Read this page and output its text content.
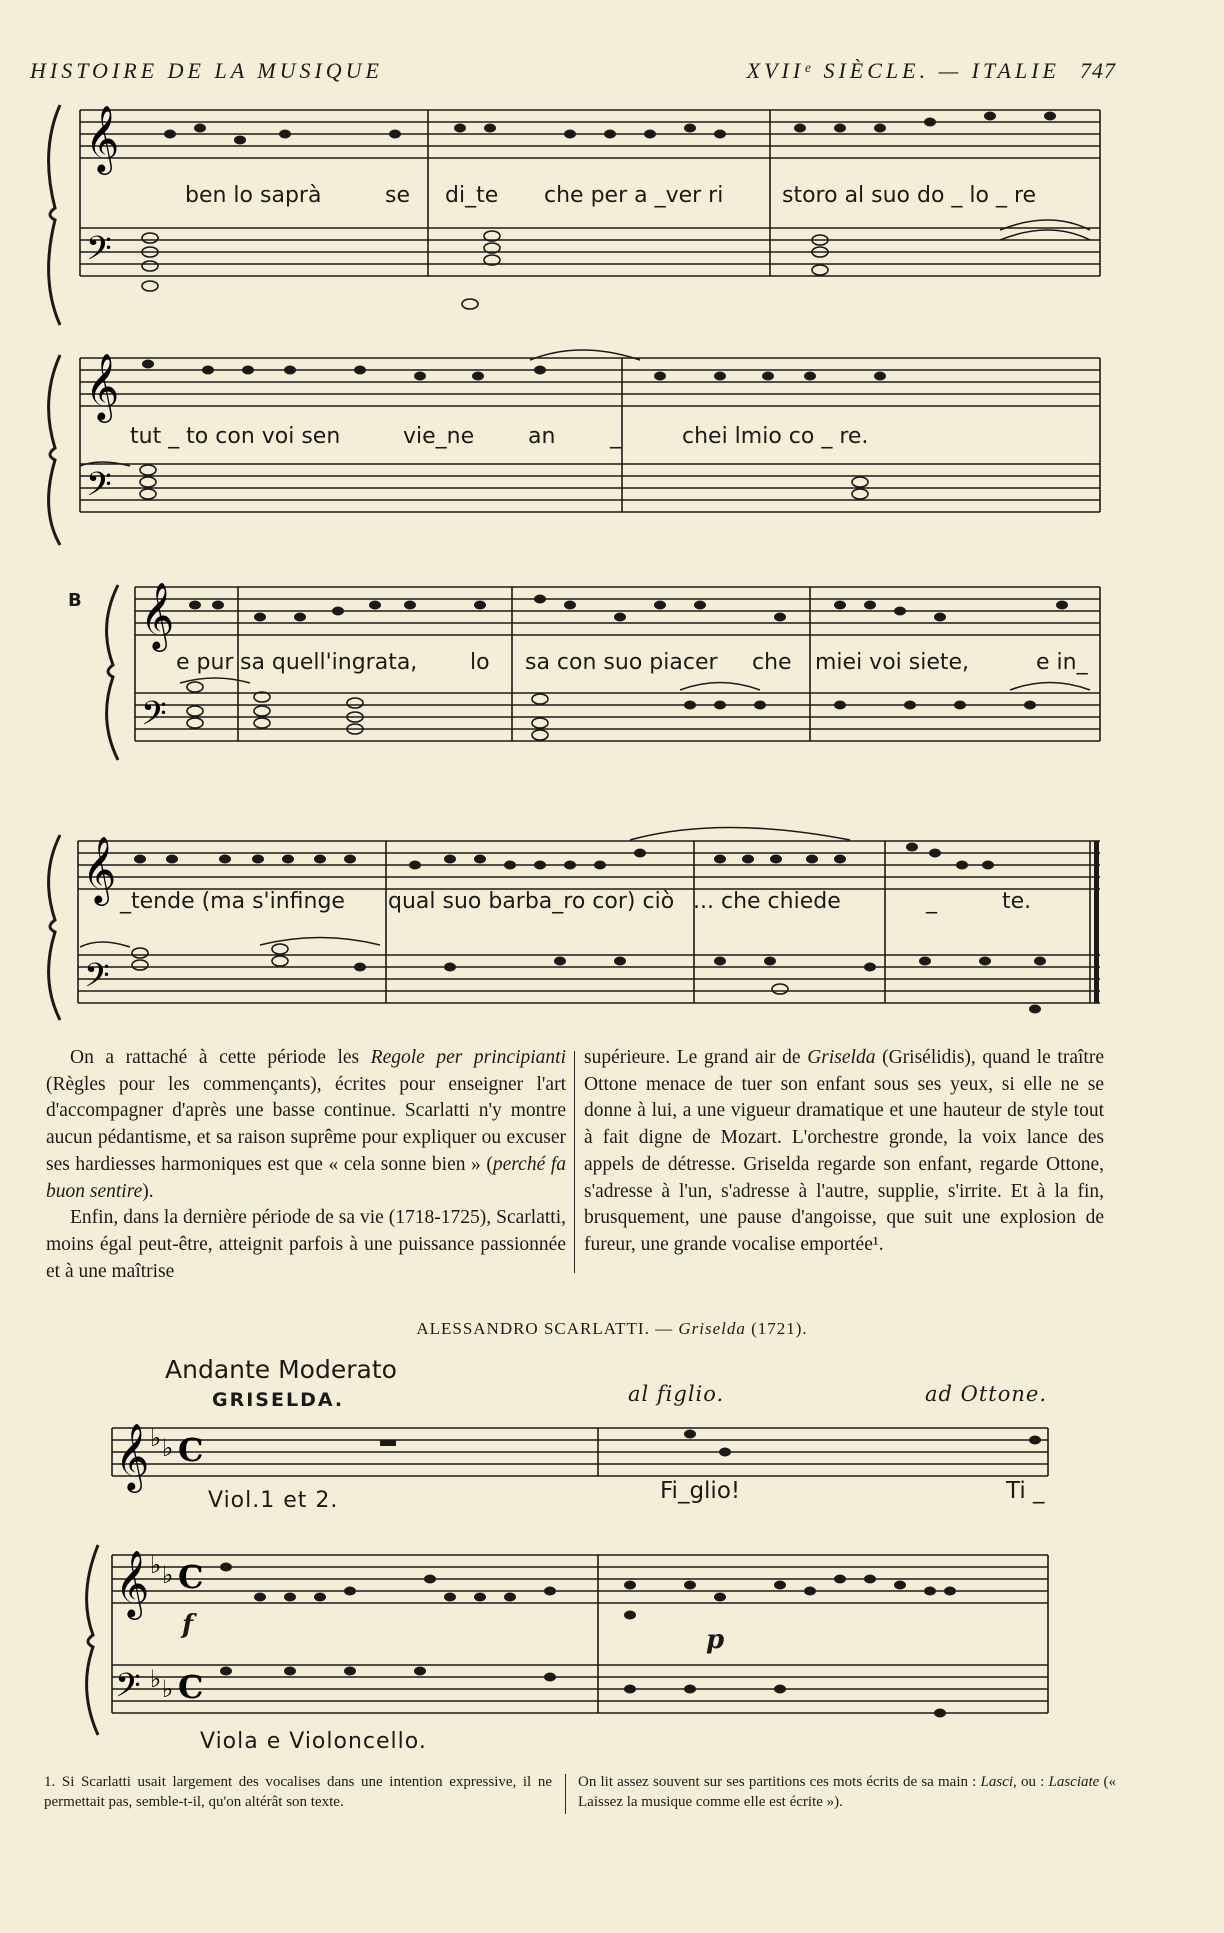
HISTOIRE DE LA MUSIQUE	XVIIᵉ SIÈCLE. — ITALIE 747
𝄞
𝄢
ben lo saprà	se di_te che per a _ver ri	storo al suo do _ lo _ re
𝄞
𝄢
tut _ to con voi sen	vie_ne an _	chei lmio co _ re.
B 𝄞
𝄢
e pur sa quell'ingrata, lo sa con suo piacer che miei voi siete,	e in_
𝄞
𝄢
_tende (ma s'infinge qual suo barba_ro cor) ciò ... che chiede	_	te.

On a rattaché à cette période les Regole per principianti (Règles pour les commençants), écrites pour enseigner l'art d'accompagner d'après une basse continue. Scarlatti n'y montre aucun pédantisme, et sa raison suprême pour expliquer ou excuser ses hardiesses harmoniques est que « cela sonne bien » (perché fa buon sentire).

Enfin, dans la dernière période de sa vie (1718-1725), Scarlatti, moins égal peut-être, atteignit parfois à une puissance passionnée et à une maîtrise

supérieure. Le grand air de Griselda (Grisélidis), quand le traître Ottone menace de tuer son enfant sous ses yeux, si elle ne se donne à lui, a une vigueur dramatique et une hauteur de style tout à fait digne de Mozart. L'orchestre gronde, la voix lance des appels de détresse. Griselda regarde son enfant, regarde Ottone, s'adresse à l'un, s'adresse à l'autre, supplie, s'irrite. Et à la fin, brusquement, une pause d'angoisse, que suit une explosion de fureur, une grande vocalise emportée¹.

ALESSANDRO SCARLATTI. — Griselda (1721).
Andante Moderato
GRISELDA.	al figlio.	ad Ottone.
𝄞 ♭ ♭ C
Fi_glio!	Ti _
Viol.1 et 2.
𝄞 ♭ ♭ C
𝄢 ♭ ♭ C
f	p
Viola e Violoncello.
1. Si Scarlatti usait largement des vocalises dans une intention expressive, il ne permettait pas, semble-t-il, qu'on altérât son texte.
On lit assez souvent sur ses partitions ces mots écrits de sa main : Lasci, ou : Lasciate (« Laissez la musique comme elle est écrite »).
